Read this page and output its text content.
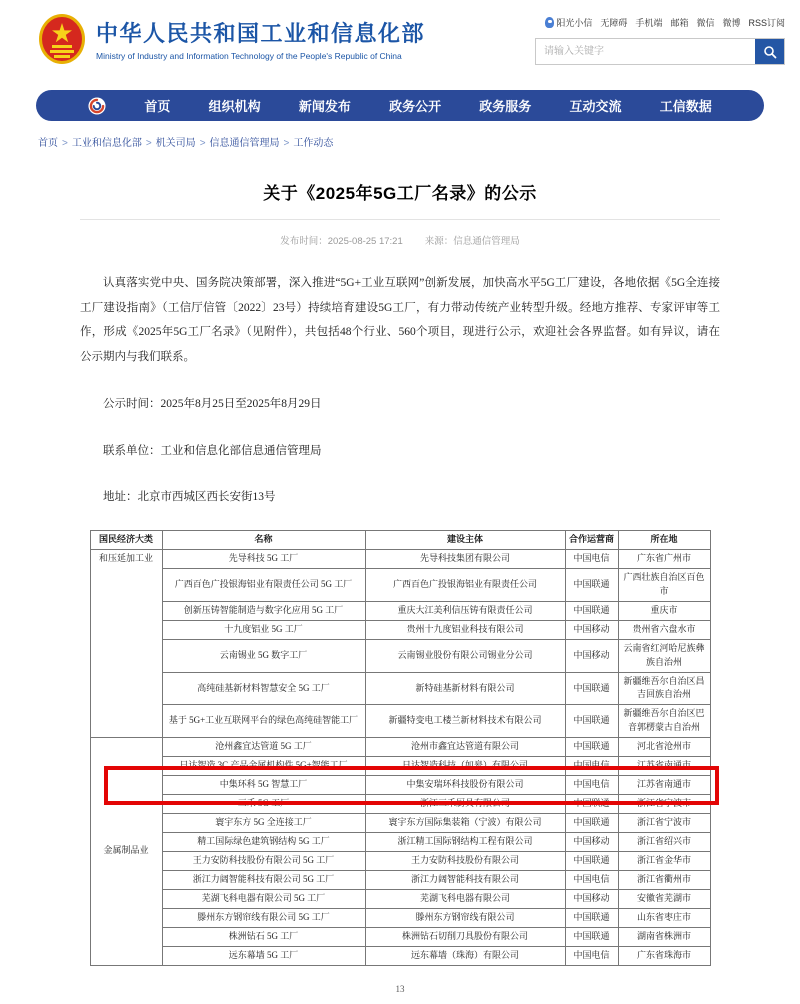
中华人民共和国工业和信息化部
Ministry of Industry and Information Technology of the People's Republic of China
阳光小信 无障碍 手机端 邮箱 微信 微博 RSS订阅
请输入关键字
首页	组织机构	新闻发布	政务公开	政务服务	互动交流	工信数据
首页 > 工业和信息化部 > 机关司局 > 信息通信管理局 > 工作动态
关于《2025年5G工厂名录》的公示
发布时间：2025-08-25 17:21 来源：信息通信管理局

认真落实党中央、国务院决策部署，深入推进“5G+工业互联网”创新发展，加快高水平5G工厂建设，各地依据《5G全连接工厂建设指南》（工信厅信管〔2022〕23号）持续培育建设5G工厂，有力带动传统产业转型升级。经地方推荐、专家评审等工作，形成《2025年5G工厂名录》（见附件），共包括48个行业、560个项目，现进行公示，欢迎社会各界监督。如有异议，请在公示期内与我们联系。

公示时间：2025年8月25日至2025年8月29日

联系单位：工业和信息化部信息通信管理局

地址：北京市西城区西长安街13号

国民经济大类	名称	建设主体	合作运营商	所在地
和压延加工业	先导科技 5G 工厂	先导科技集团有限公司	中国电信	广东省广州市
	广西百色广投银海铝业有限责任公司 5G 工厂	广西百色广投银海铝业有限责任公司	中国联通	广西壮族自治区百色市
	创新压铸智能制造与数字化应用 5G 工厂	重庆大江美利信压铸有限责任公司	中国联通	重庆市
	十九度铝业 5G 工厂	贵州十九度铝业科技有限公司	中国移动	贵州省六盘水市
	云南锡业 5G 数字工厂	云南锡业股份有限公司锡业分公司	中国移动	云南省红河哈尼族彝族自治州
	高纯硅基新材料智慧安全 5G 工厂	新特硅基新材料有限公司	中国联通	新疆维吾尔自治区昌吉回族自治州
	基于 5G+工业互联网平台的绿色高纯硅智能工厂	新疆特变电工楼兰新材料技术有限公司	中国联通	新疆维吾尔自治区巴音郭楞蒙古自治州
金属制品业	沧州鑫宜达管道 5G 工厂	沧州市鑫宜达管道有限公司	中国联通	河北省沧州市
	日达智造 3C 产品金属机构件 5G+智能工厂	日达智造科技（如皋）有限公司	中国电信	江苏省南通市
	中集环科 5G 智慧工厂	中集安瑞环科技股份有限公司	中国电信	江苏省南通市
	三禾 5G 工厂	浙江三禾厨具有限公司	中国联通	浙江省宁波市
	寰宇东方 5G 全连接工厂	寰宇东方国际集装箱（宁波）有限公司	中国联通	浙江省宁波市
	精工国际绿色建筑钢结构 5G 工厂	浙江精工国际钢结构工程有限公司	中国移动	浙江省绍兴市
	王力安防科技股份有限公司 5G 工厂	王力安防科技股份有限公司	中国联通	浙江省金华市
	浙江力阔智能科技有限公司 5G 工厂	浙江力阔智能科技有限公司	中国电信	浙江省衢州市
	芜湖飞科电器有限公司 5G 工厂	芜湖飞科电器有限公司	中国移动	安徽省芜湖市
	滕州东方钢帘线有限公司 5G 工厂	滕州东方钢帘线有限公司	中国联通	山东省枣庄市
	株洲钻石 5G 工厂	株洲钻石切削刀具股份有限公司	中国联通	湖南省株洲市
	远东幕墙 5G 工厂	远东幕墙（珠海）有限公司	中国电信	广东省珠海市
13
